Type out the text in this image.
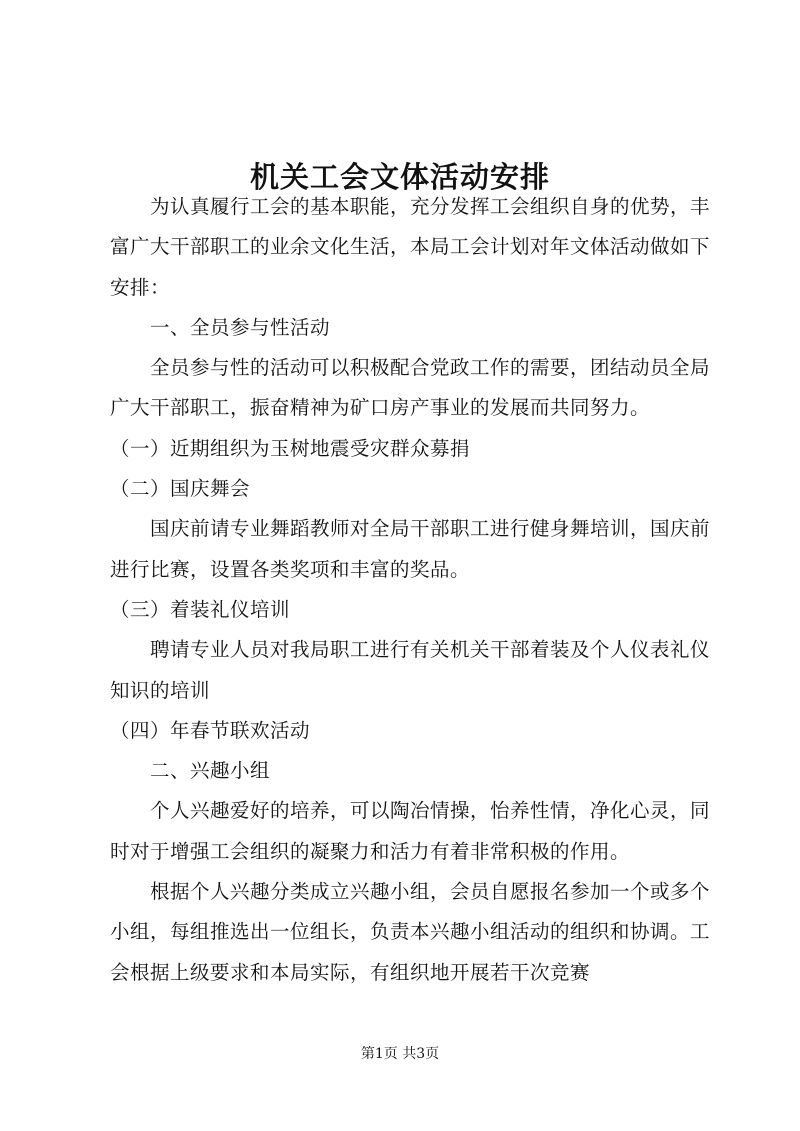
机关工会文体活动安排

为认真履行工会的基本职能，充分发挥工会组织自身的优势，丰富广大干部职工的业余文化生活，本局工会计划对年文体活动做如下安排：

一、全员参与性活动

全员参与性的活动可以积极配合党政工作的需要，团结动员全局广大干部职工，振奋精神为矿口房产事业的发展而共同努力。

（一）近期组织为玉树地震受灾群众募捐

（二）国庆舞会

国庆前请专业舞蹈教师对全局干部职工进行健身舞培训，国庆前进行比赛，设置各类奖项和丰富的奖品。

（三）着装礼仪培训

聘请专业人员对我局职工进行有关机关干部着装及个人仪表礼仪知识的培训

（四）年春节联欢活动

二、兴趣小组

个人兴趣爱好的培养，可以陶冶情操，怡养性情，净化心灵，同时对于增强工会组织的凝聚力和活力有着非常积极的作用。

根据个人兴趣分类成立兴趣小组，会员自愿报名参加一个或多个小组，每组推选出一位组长，负责本兴趣小组活动的组织和协调。工会根据上级要求和本局实际，有组织地开展若干次竞赛

第1页 共3页
